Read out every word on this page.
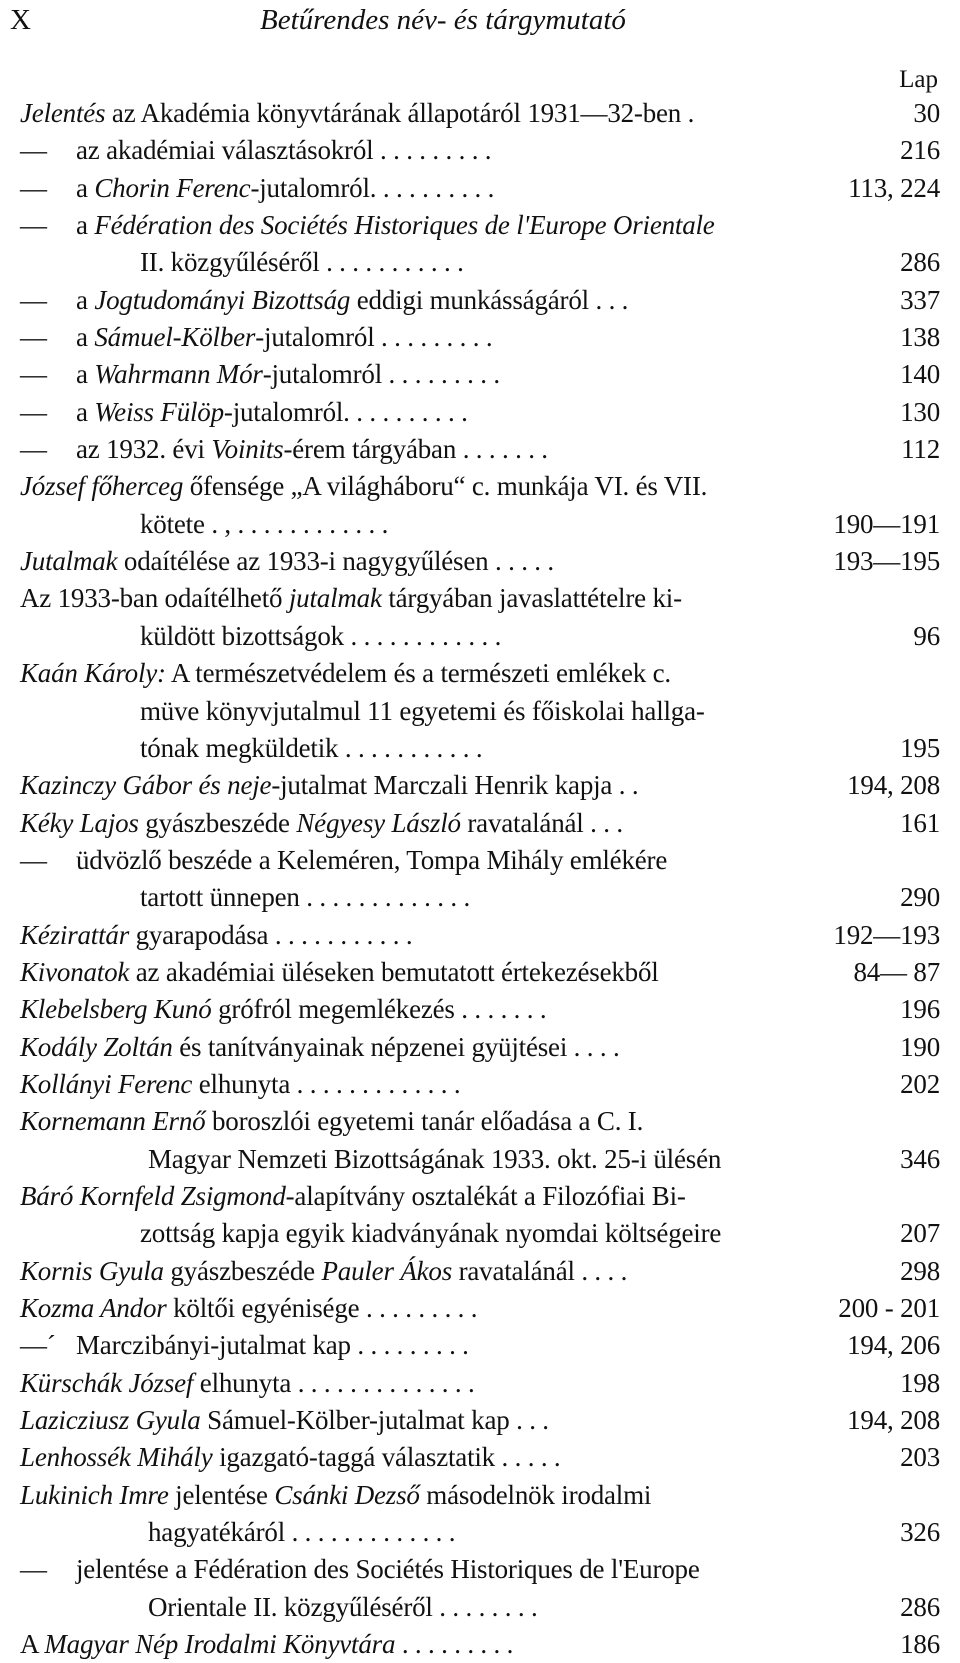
X	Betűrendes név- és tárgymutató
Lap
Jelentés az Akadémia könyvtárának állapotáról 1931—32-ben .	30
— az akadémiai választásokról . . . . . . . . .	216
— a Chorin Ferenc-jutalomról. . . . . . . . . .	113, 224
— a Fédération des Sociétés Historiques de l'Europe Orientale
II. közgyűléséről . . . . . . . . . . .	286
— a Jogtudományi Bizottság eddigi munkásságáról . . .	337
— a Sámuel-Kölber-jutalomról . . . . . . . . .	138
— a Wahrmann Mór-jutalomról . . . . . . . . .	140
— a Weiss Fülöp-jutalomról. . . . . . . . . .	130
— az 1932. évi Voinits-érem tárgyában . . . . . . .	112
József főherceg őfensége „A világháboru“ c. munkája VI. és VII.
kötete . , . . . . . . . . . . . .	190—191
Jutalmak odaítélése az 1933-i nagygyűlésen . . . . .	193—195
Az 1933-ban odaítélhető jutalmak tárgyában javaslattételre ki-
küldött bizottságok . . . . . . . . . . . .	96
Kaán Károly: A természetvédelem és a természeti emlékek c.
müve könyvjutalmul 11 egyetemi és főiskolai hallga-
tónak megküldetik . . . . . . . . . . .	195
Kazinczy Gábor és neje-jutalmat Marczali Henrik kapja . .	194, 208
Kéky Lajos gyászbeszéde Négyesy László ravatalánál . . .	161
— üdvözlő beszéde a Keleméren, Tompa Mihály emlékére
tartott ünnepen . . . . . . . . . . . . .	290
Kézirattár gyarapodása . . . . . . . . . . .	192—193
Kivonatok az akadémiai üléseken bemutatott értekezésekből	84— 87
Klebelsberg Kunó grófról megemlékezés . . . . . . .	196
Kodály Zoltán és tanítványainak népzenei gyüjtései . . . .	190
Kollányi Ferenc elhunyta . . . . . . . . . . . . .	202
Kornemann Ernő boroszlói egyetemi tanár előadása a C. I.
Magyar Nemzeti Bizottságának 1933. okt. 25-i ülésén	346
Báró Kornfeld Zsigmond-alapítvány osztalékát a Filozófiai Bi-
zottság kapja egyik kiadványának nyomdai költségeire	207
Kornis Gyula gyászbeszéde Pauler Ákos ravatalánál . . . .	298
Kozma Andor költői egyénisége . . . . . . . . .	200 - 201
—´ Marczibányi-jutalmat kap . . . . . . . . .	194, 206
Kürschák József elhunyta . . . . . . . . . . . . . .	198
Lazicziusz Gyula Sámuel-Kölber-jutalmat kap . . .	194, 208
Lenhossék Mihály igazgató-taggá választatik . . . . .	203
Lukinich Imre jelentése Csánki Dezső másodelnök irodalmi
hagyatékáról . . . . . . . . . . . . .	326
— jelentése a Fédération des Sociétés Historiques de l'Europe
Orientale II. közgyűléséről . . . . . . . .	286
A Magyar Nép Irodalmi Könyvtára . . . . . . . . .	186
